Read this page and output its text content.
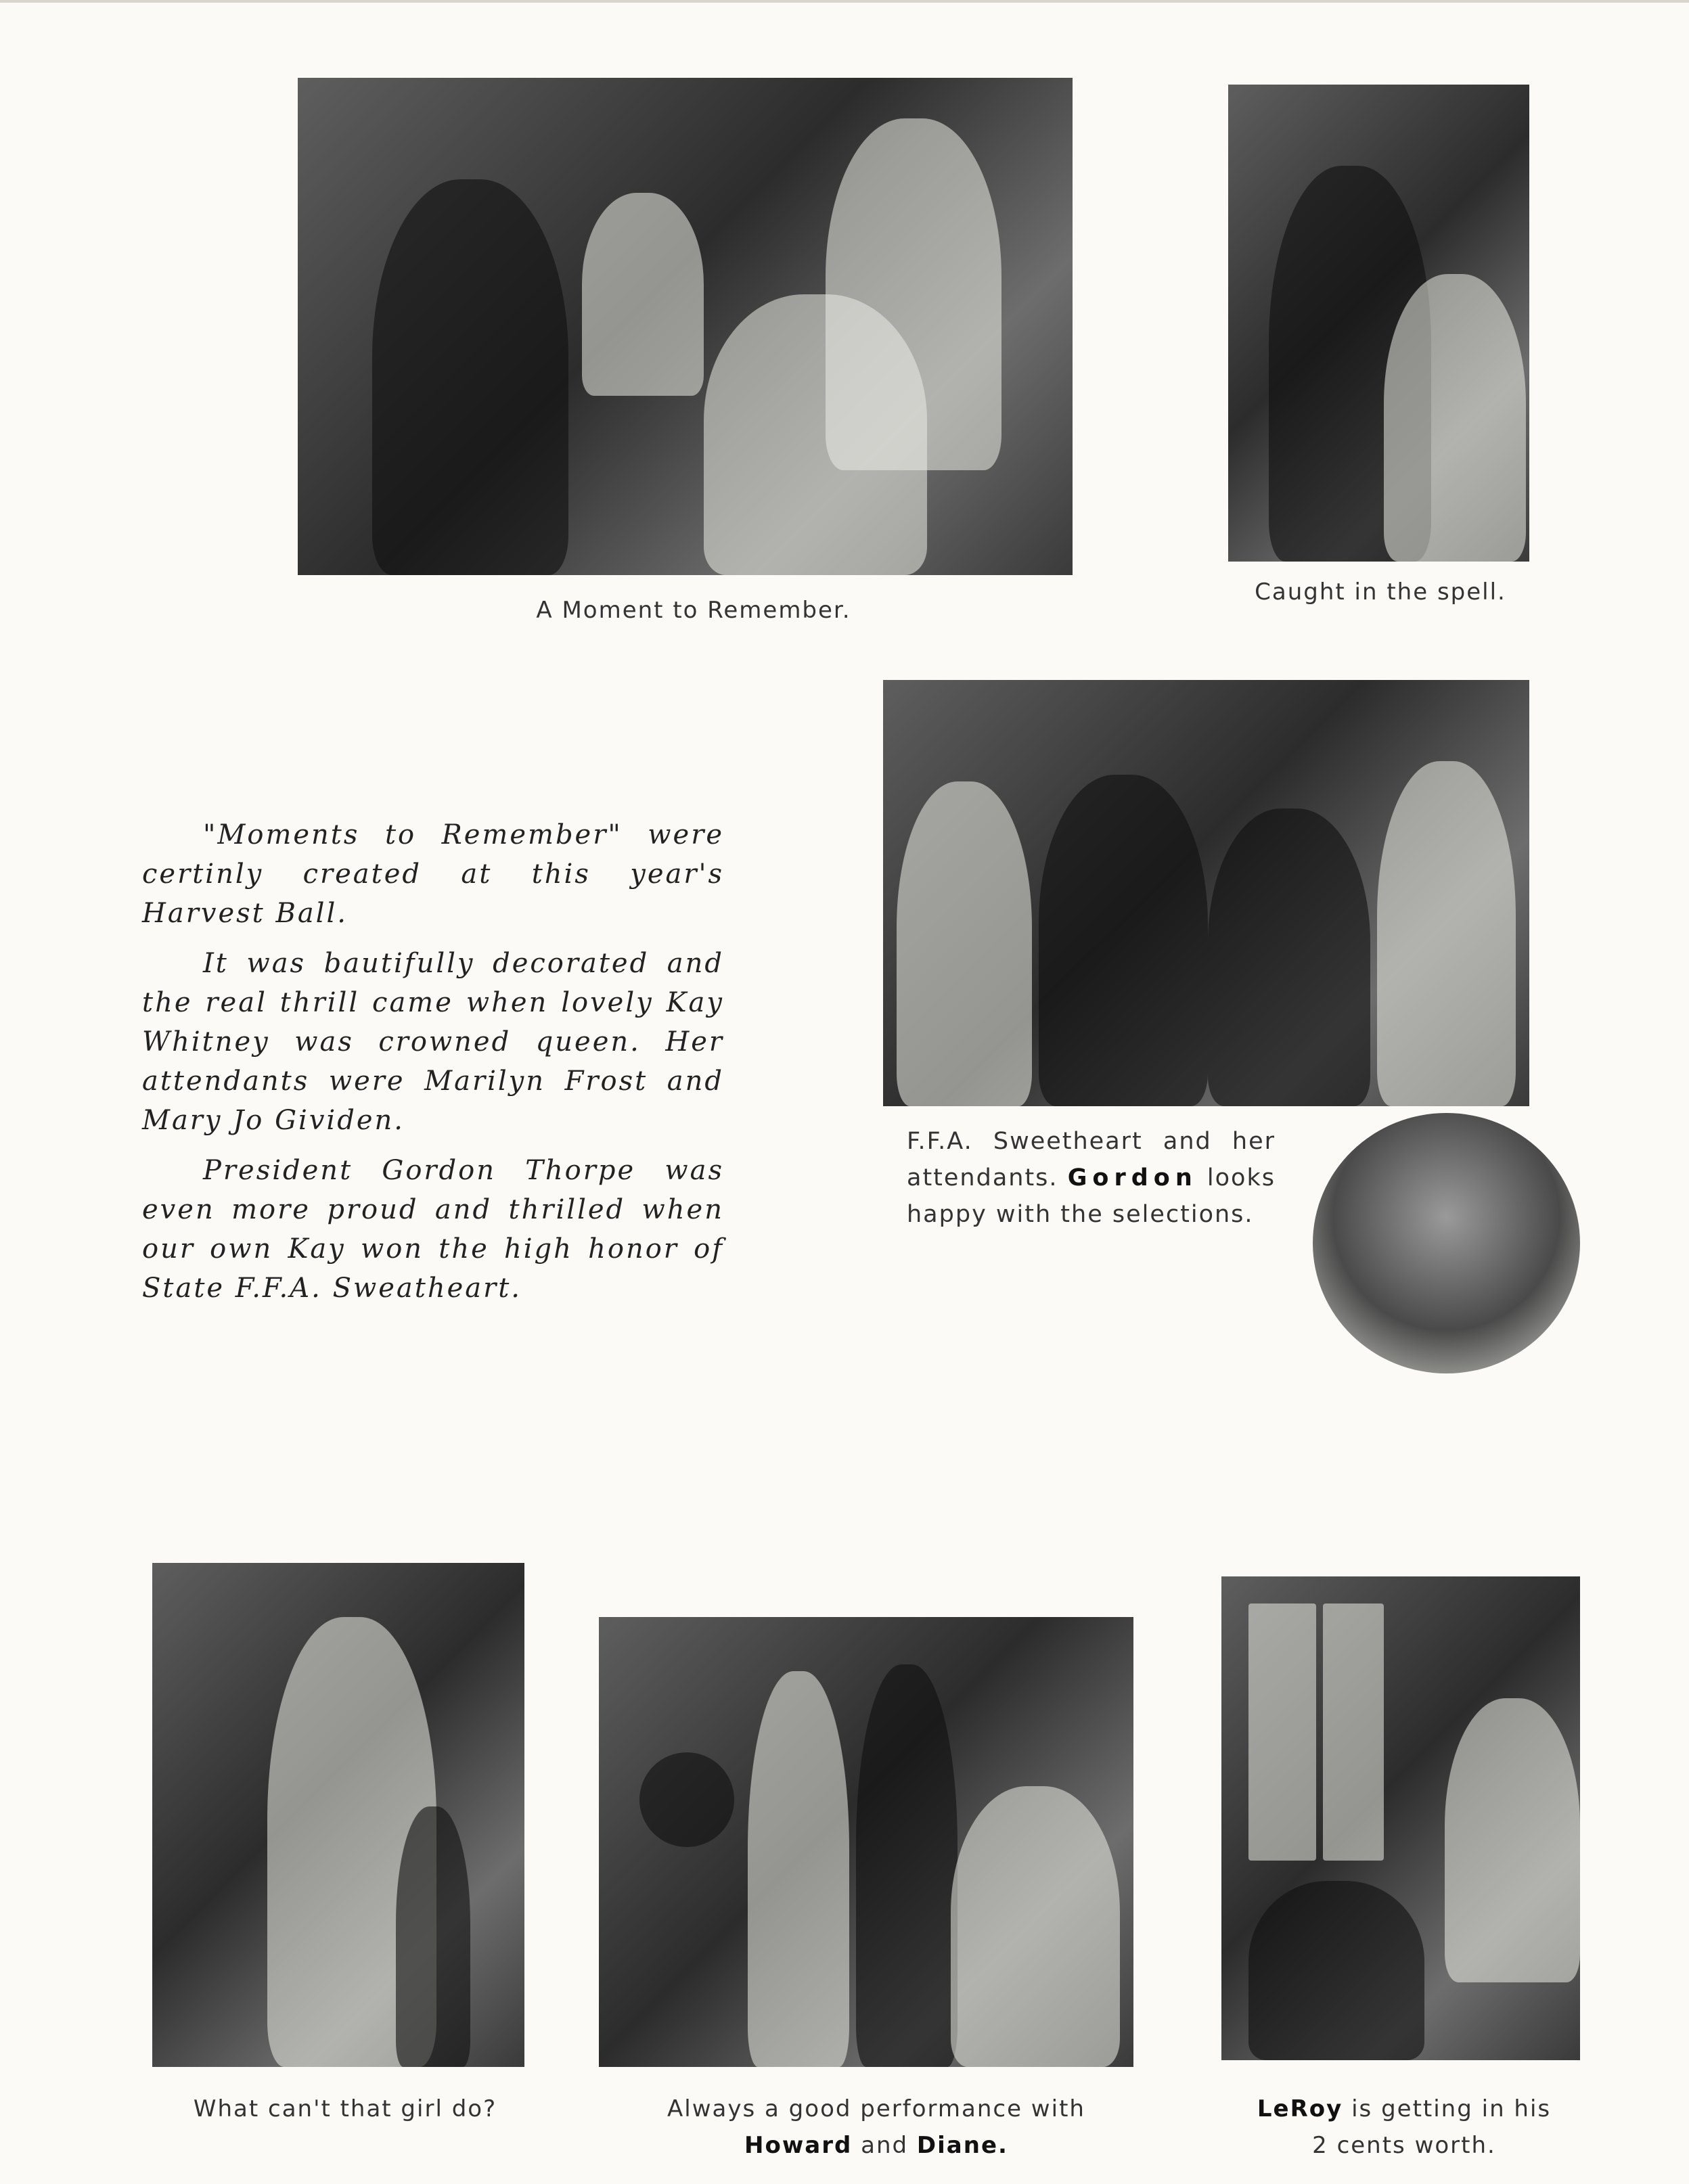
A Moment to Remember.
Caught in the spell.
F.F.A. Sweetheart and her attendants. Gordon looks happy with the selections.

"Moments to Remember" were certinly created at this year's Harvest Ball.

It was bautifully decorated and the real thrill came when lovely Kay Whitney was crowned queen. Her attendants were Marilyn Frost and Mary Jo Gividen.

President Gordon Thorpe was even more proud and thrilled when our own Kay won the high honor of State F.F.A. Sweatheart.

What can't that girl do?	Always a good performance with
Howard and Diane.
LeRoy is getting in his
2 cents worth.
